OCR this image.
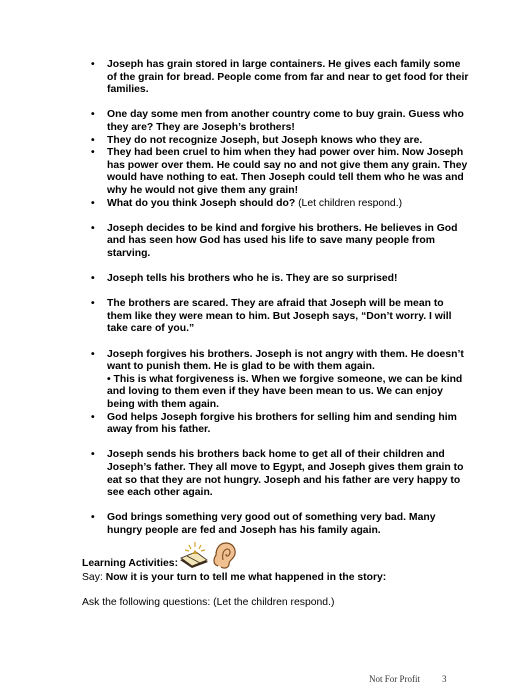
• Joseph has grain stored in large containers. He gives each family some of the grain for bread. People come from far and near to get food for their families.
• One day some men from another country come to buy grain. Guess who they are? They are Joseph’s brothers!
• They do not recognize Joseph, but Joseph knows who they are.
• They had been cruel to him when they had power over him. Now Joseph has power over them. He could say no and not give them any grain. They would have nothing to eat. Then Joseph could tell them who he was and why he would not give them any grain!
• What do you think Joseph should do? (Let children respond.)
• Joseph decides to be kind and forgive his brothers. He believes in God and has seen how God has used his life to save many people from starving.
• Joseph tells his brothers who he is. They are so surprised!
• The brothers are scared. They are afraid that Joseph will be mean to them like they were mean to him. But Joseph says, “Don’t worry. I will take care of you.”
• Joseph forgives his brothers. Joseph is not angry with them. He doesn’t want to punish them. He is glad to be with them again.
• This is what forgiveness is. When we forgive someone, we can be kind and loving to them even if they have been mean to us. We can enjoy being with them again.
• God helps Joseph forgive his brothers for selling him and sending him away from his father.
• Joseph sends his brothers back home to get all of their children and Joseph’s father. They all move to Egypt, and Joseph gives them grain to eat so that they are not hungry. Joseph and his father are very happy to see each other again.
• God brings something very good out of something very bad. Many hungry people are fed and Joseph has his family again.
Learning Activities:
Say: Now it is your turn to tell me what happened in the story:
Ask the following questions: (Let the children respond.)
Not For Profit 3
